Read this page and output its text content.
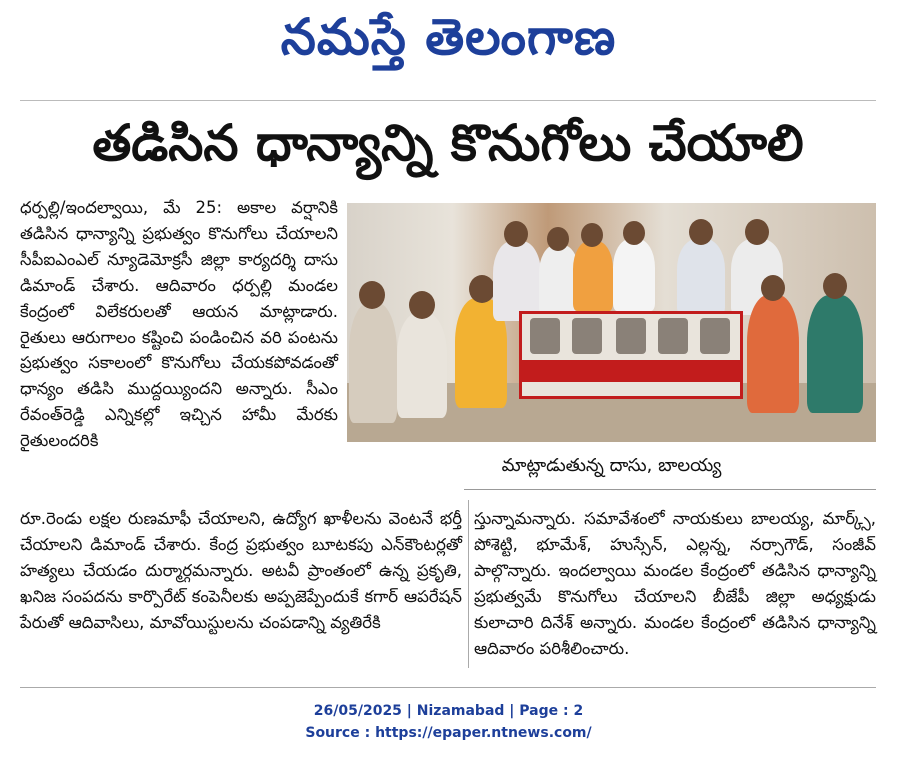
నమస్తే తెలంగాణ
తడిసిన ధాన్యాన్ని కొనుగోలు చేయాలి
ధర్పల్లి/ఇందల్వాయి, మే 25: అకాల వర్షానికి తడిసిన ధాన్యాన్ని ప్రభుత్వం కొనుగోలు చేయాలని సీపీఐఎంఎల్ న్యూడెమోక్రసీ జిల్లా కార్యదర్శి దాసు డిమాండ్ చేశారు. ఆదివారం ధర్పల్లి మండల కేంద్రంలో విలేకరులతో ఆయన మాట్లాడారు. రైతులు ఆరుగాలం కష్టించి పండించిన వరి పంటను ప్రభుత్వం సకాలంలో కొనుగోలు చేయకపోవడంతో ధాన్యం తడిసి ముద్దయ్యిందని అన్నారు. సీఎం రేవంత్‌రెడ్డి ఎన్నికల్లో ఇచ్చిన హామీ మేరకు రైతులందరికి
మాట్లాడుతున్న దాసు, బాలయ్య
రూ.రెండు లక్షల రుణమాఫీ చేయాలని, ఉద్యోగ ఖాళీలను వెంటనే భర్తీ చేయాలని డిమాండ్ చేశారు. కేంద్ర ప్రభుత్వం బూటకపు ఎన్‌కౌంటర్లతో హత్యలు చేయడం దుర్మార్గమన్నారు. అటవీ ప్రాంతంలో ఉన్న ప్రకృతి, ఖనిజ సంపదను కార్పొరేట్ కంపెనీలకు అప్పజెప్పేందుకే కగార్ ఆపరేషన్ పేరుతో ఆదివాసిలు, మావోయిస్టులను చంపడాన్ని వ్యతిరేకి
స్తున్నామన్నారు. సమావేశంలో నాయకులు బాలయ్య, మార్క్స్, పోశెట్టి, భూమేశ్, హుస్సేన్, ఎల్లన్న, నర్సాగౌడ్, సంజీవ్ పాల్గొన్నారు. ఇందల్వాయి మండల కేంద్రంలో తడిసిన ధాన్యాన్ని ప్రభుత్వమే కొనుగోలు చేయాలని బీజేపీ జిల్లా అధ్యక్షుడు కులాచారి దినేశ్ అన్నారు. మండల కేంద్రంలో తడిసిన ధాన్యాన్ని ఆదివారం పరిశీలించారు.
26/05/2025 | Nizamabad | Page : 2
Source : https://epaper.ntnews.com/
